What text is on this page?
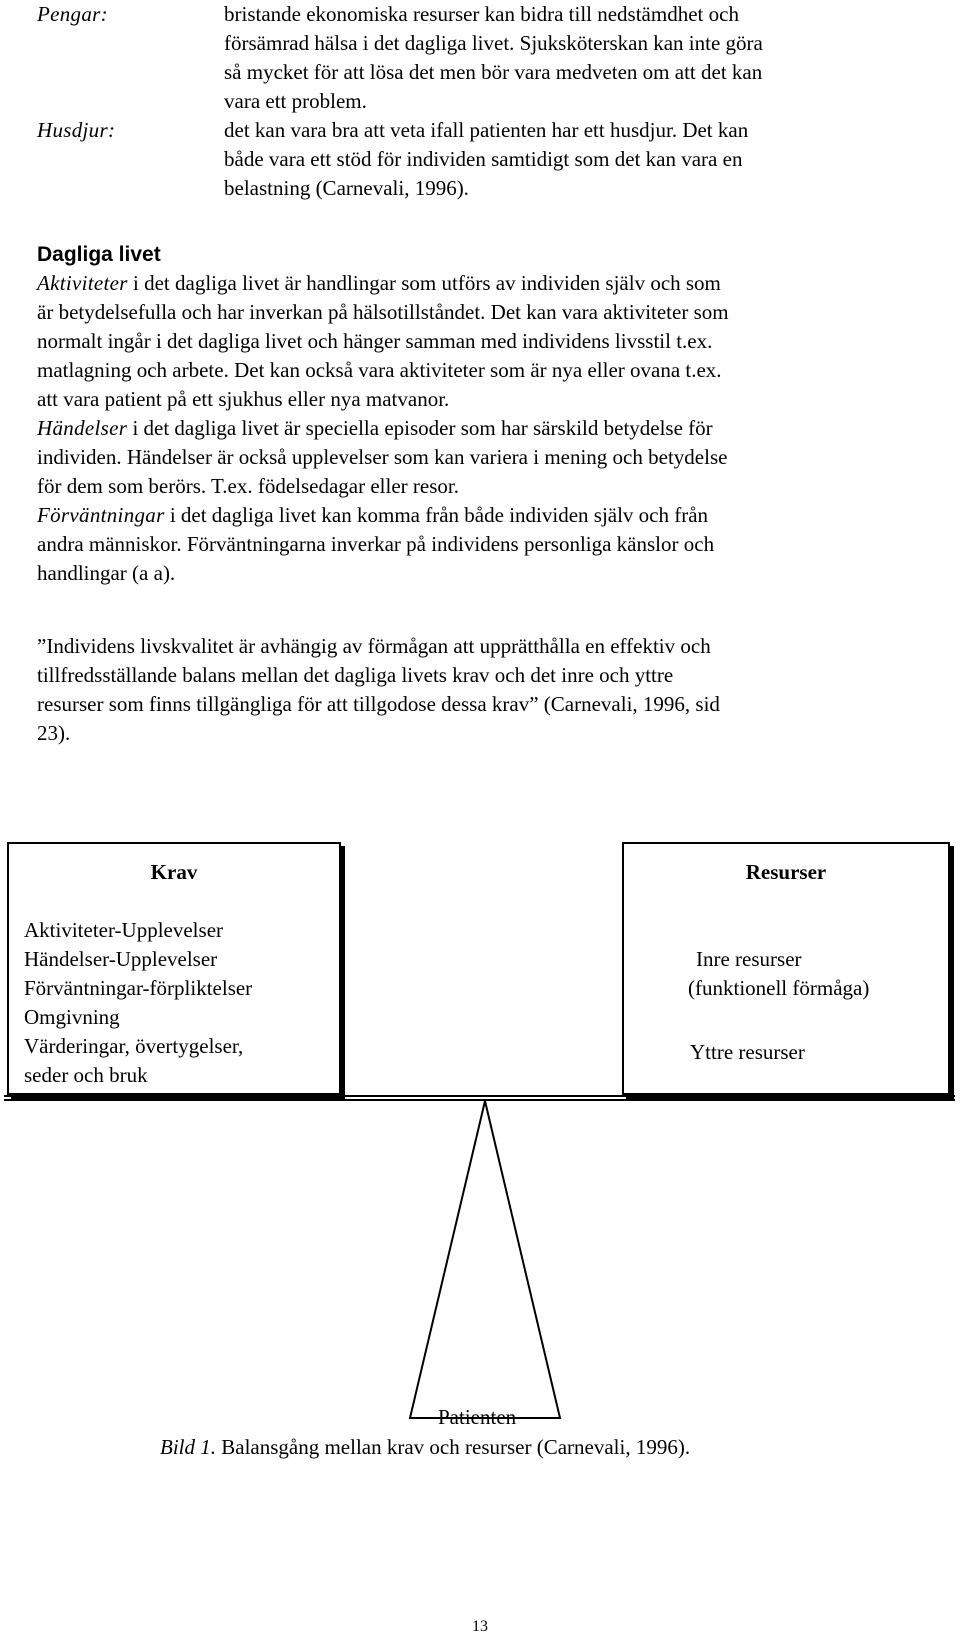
Pengar:	bristande ekonomiska resurser kan bidra till nedstämdhet och
försämrad hälsa i det dagliga livet. Sjuksköterskan kan inte göra
så mycket för att lösa det men bör vara medveten om att det kan
vara ett problem.
Husdjur:	det kan vara bra att veta ifall patienten har ett husdjur. Det kan
både vara ett stöd för individen samtidigt som det kan vara en
belastning (Carnevali, 1996).
Dagliga livet
Aktiviteter i det dagliga livet är handlingar som utförs av individen själv och som
är betydelsefulla och har inverkan på hälsotillståndet. Det kan vara aktiviteter som
normalt ingår i det dagliga livet och hänger samman med individens livsstil t.ex.
matlagning och arbete. Det kan också vara aktiviteter som är nya eller ovana t.ex.
att vara patient på ett sjukhus eller nya matvanor.
Händelser i det dagliga livet är speciella episoder som har särskild betydelse för
individen. Händelser är också upplevelser som kan variera i mening och betydelse
för dem som berörs. T.ex. födelsedagar eller resor.
Förväntningar i det dagliga livet kan komma från både individen själv och från
andra människor. Förväntningarna inverkar på individens personliga känslor och
handlingar (a a).
”Individens livskvalitet är avhängig av förmågan att upprätthålla en effektiv och
tillfredsställande balans mellan det dagliga livets krav och det inre och yttre
resurser som finns tillgängliga för att tillgodose dessa krav” (Carnevali, 1996, sid
23).
Krav
Aktiviteter-Upplevelser
Händelser-Upplevelser
Förväntningar-förpliktelser
Omgivning
Värderingar, övertygelser,
seder och bruk
Resurser
Inre resurser
(funktionell förmåga)
Yttre resurser
Patienten
Bild 1. Balansgång mellan krav och resurser (Carnevali, 1996).
13
